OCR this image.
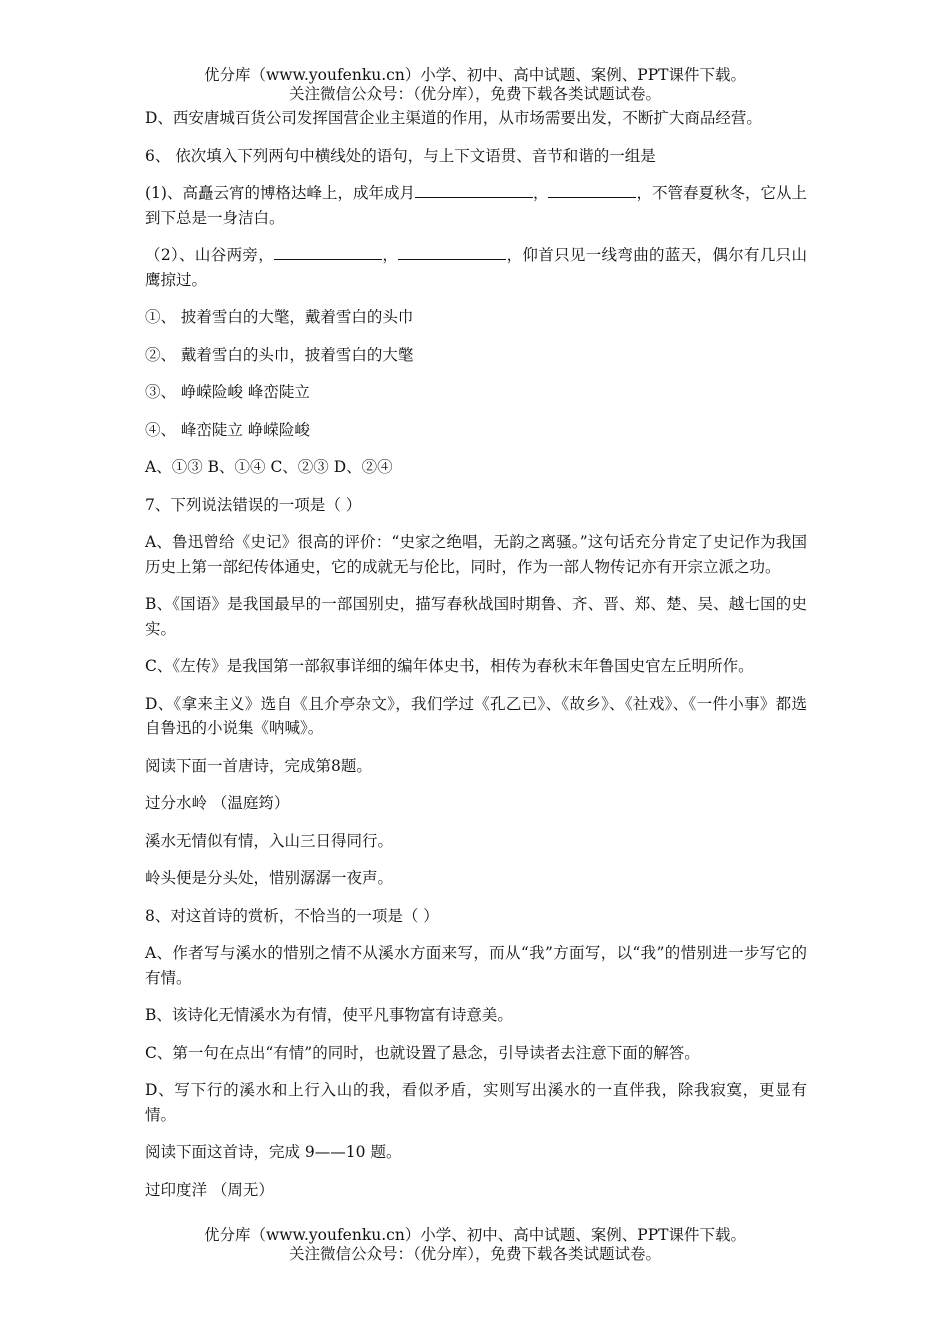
优分库（www.youfenku.cn）小学、初中、高中试题、案例、PPT课件下载。
关注微信公众号：（优分库），免费下载各类试题试卷。

D、西安唐城百货公司发挥国营企业主渠道的作用，从市场需要出发，不断扩大商品经营。

6、 依次填入下列两句中横线处的语句，与上下文语贯、音节和谐的一组是

(1)、高矗云宵的博格达峰上，成年成月	，	，不管春夏秋冬，它从上到下总是一身洁白。

（2）、山谷两旁，	，	，仰首只见一线弯曲的蓝天，偶尔有几只山鹰掠过。

①、 披着雪白的大氅，戴着雪白的头巾

②、 戴着雪白的头巾，披着雪白的大氅

③、 峥嵘险峻 峰峦陡立

④、 峰峦陡立 峥嵘险峻

A、①③ B、①④ C、②③ D、②④

7、下列说法错误的一项是（ ）

A、鲁迅曾给《史记》很高的评价：“史家之绝唱，无韵之离骚。”这句话充分肯定了史记作为我国历史上第一部纪传体通史，它的成就无与伦比，同时，作为一部人物传记亦有开宗立派之功。

B、《国语》是我国最早的一部国别史，描写春秋战国时期鲁、齐、晋、郑、楚、吴、越七国的史实。

C、《左传》是我国第一部叙事详细的编年体史书，相传为春秋末年鲁国史官左丘明所作。

D、《拿来主义》选自《且介亭杂文》，我们学过《孔乙已》、《故乡》、《社戏》、《一件小事》都选自鲁迅的小说集《呐喊》。

阅读下面一首唐诗，完成第8题。

过分水岭 （温庭筠）

溪水无情似有情，入山三日得同行。

岭头便是分头处，惜别潺潺一夜声。

8、对这首诗的赏析，不恰当的一项是（ ）

A、作者写与溪水的惜别之情不从溪水方面来写，而从“我”方面写，以“我”的惜别进一步写它的有情。

B、该诗化无情溪水为有情，使平凡事物富有诗意美。

C、第一句在点出“有情”的同时，也就设置了悬念，引导读者去注意下面的解答。

D、写下行的溪水和上行入山的我，看似矛盾，实则写出溪水的一直伴我，除我寂寞，更显有情。

阅读下面这首诗，完成 9——10 题。

过印度洋 （周无）

优分库（www.youfenku.cn）小学、初中、高中试题、案例、PPT课件下载。
关注微信公众号：（优分库），免费下载各类试题试卷。
